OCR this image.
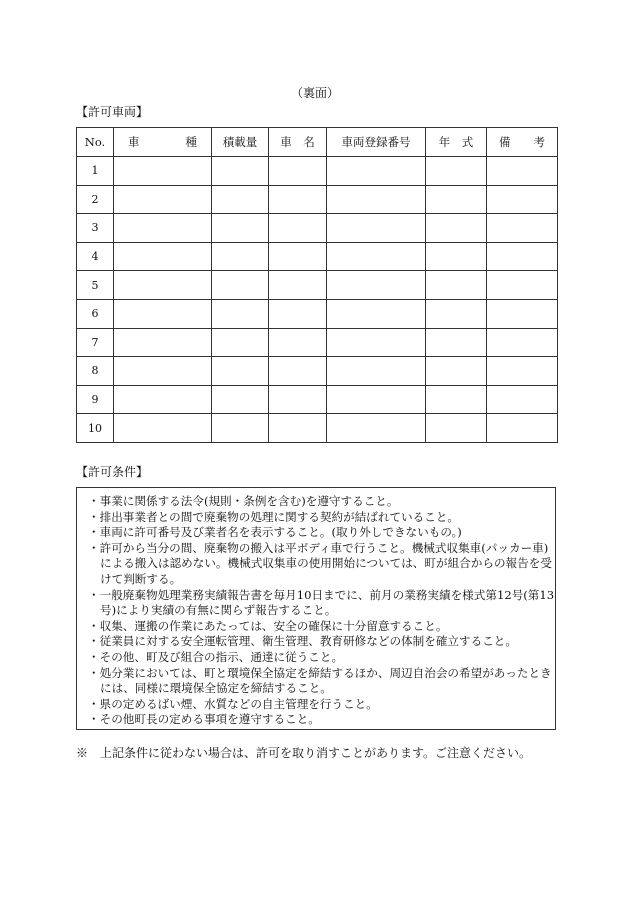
（裏面）
【許可車両】
No.	車　　　　種	積載量	車　名	車両登録番号	年　式	備　　考
1						
2						
3						
4						
5						
6						
7						
8						
9						
10						
【許可条件】
・事業に関係する法令(規則・条例を含む)を遵守すること。
・排出事業者との間で廃棄物の処理に関する契約が結ばれていること。
・車両に許可番号及び業者名を表示すること。(取り外しできないもの。)
・許可から当分の間、廃棄物の搬入は平ボディ車で行うこと。機械式収集車(パッカー車)による搬入は認めない。機械式収集車の使用開始については、町が組合からの報告を受けて判断する。
・一般廃棄物処理業務実績報告書を毎月10日までに、前月の業務実績を様式第12号(第13号)により実績の有無に関らず報告すること。
・収集、運搬の作業にあたっては、安全の確保に十分留意すること。
・従業員に対する安全運転管理、衛生管理、教育研修などの体制を確立すること。
・その他、町及び組合の指示、通達に従うこと。
・処分業においては、町と環境保全協定を締結するほか、周辺自治会の希望があったときには、同様に環境保全協定を締結すること。
・県の定めるばい煙、水質などの自主管理を行うこと。
・その他町長の定める事項を遵守すること。
※　上記条件に従わない場合は、許可を取り消すことがあります。ご注意ください。
